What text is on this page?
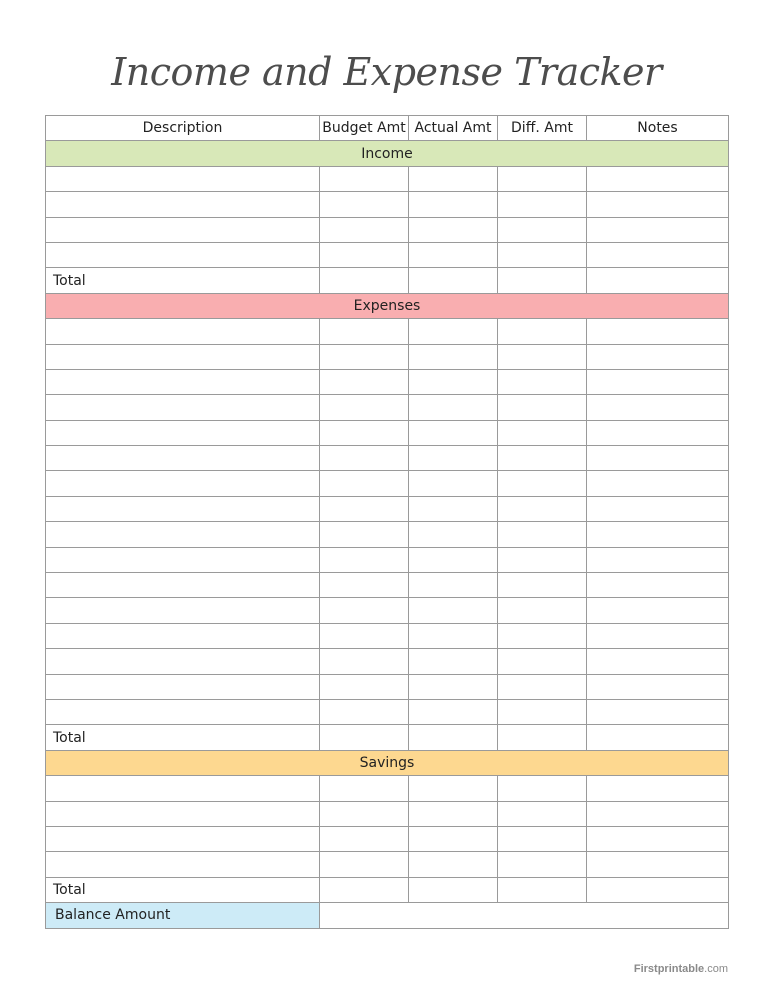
Income and Expense Tracker
Description	Budget Amt	Actual Amt	Diff. Amt	Notes
Income				

Total				
Expenses				

Total				
Savings				

Total				
Balance Amount				
Firstprintable.com
